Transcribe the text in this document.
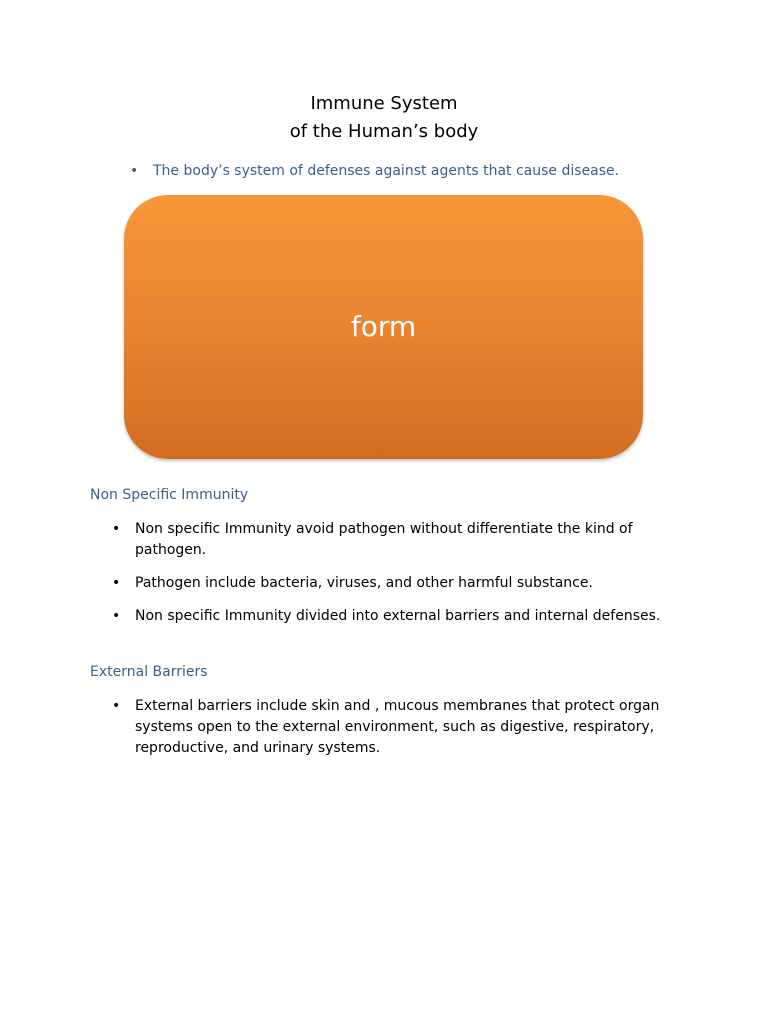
Immune System
of the Human’s body
• The body’s system of defenses against agents that cause disease.
form
Non Specific Immunity
• Non specific Immunity avoid pathogen without differentiate the kind of pathogen.
• Pathogen include bacteria, viruses, and other harmful substance.
• Non specific Immunity divided into external barriers and internal defenses.
External Barriers
• External barriers include skin and , mucous membranes that protect organ systems open to the external environment, such as digestive, respiratory, reproductive, and urinary systems.
